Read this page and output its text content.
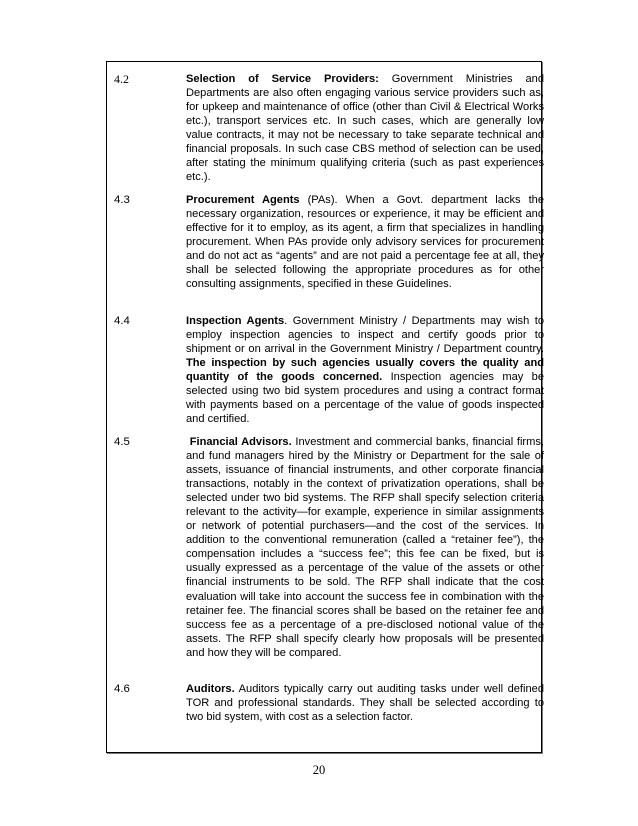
4.2	Selection of Service Providers: Government Ministries and Departments are also often engaging various service providers such as, for upkeep and maintenance of office (other than Civil & Electrical Works etc.), transport services etc. In such cases, which are generally low value contracts, it may not be necessary to take separate technical and financial proposals. In such case CBS method of selection can be used, after stating the minimum qualifying criteria (such as past experiences etc.).

4.3	Procurement Agents (PAs). When a Govt. department lacks the necessary organization, resources or experience, it may be efficient and effective for it to employ, as its agent, a firm that specializes in handling procurement. When PAs provide only advisory services for procurement and do not act as “agents” and are not paid a percentage fee at all, they shall be selected following the appropriate procedures as for other consulting assignments, specified in these Guidelines.

4.4	Inspection Agents. Government Ministry / Departments may wish to employ inspection agencies to inspect and certify goods prior to shipment or on arrival in the Government Ministry / Department country. The inspection by such agencies usually covers the quality and quantity of the goods concerned. Inspection agencies may be selected using two bid system procedures and using a contract format with payments based on a percentage of the value of goods inspected and certified.

4.5	Financial Advisors. Investment and commercial banks, financial firms, and fund managers hired by the Ministry or Department for the sale of assets, issuance of financial instruments, and other corporate financial transactions, notably in the context of privatization operations, shall be selected under two bid systems. The RFP shall specify selection criteria relevant to the activity—for example, experience in similar assignments or network of potential purchasers—and the cost of the services. In addition to the conventional remuneration (called a “retainer fee”), the compensation includes a “success fee”; this fee can be fixed, but is usually expressed as a percentage of the value of the assets or other financial instruments to be sold. The RFP shall indicate that the cost evaluation will take into account the success fee in combination with the retainer fee. The financial scores shall be based on the retainer fee and success fee as a percentage of a pre-disclosed notional value of the assets. The RFP shall specify clearly how proposals will be presented and how they will be compared.

4.6	Auditors. Auditors typically carry out auditing tasks under well defined TOR and professional standards. They shall be selected according to two bid system, with cost as a selection factor.

20
